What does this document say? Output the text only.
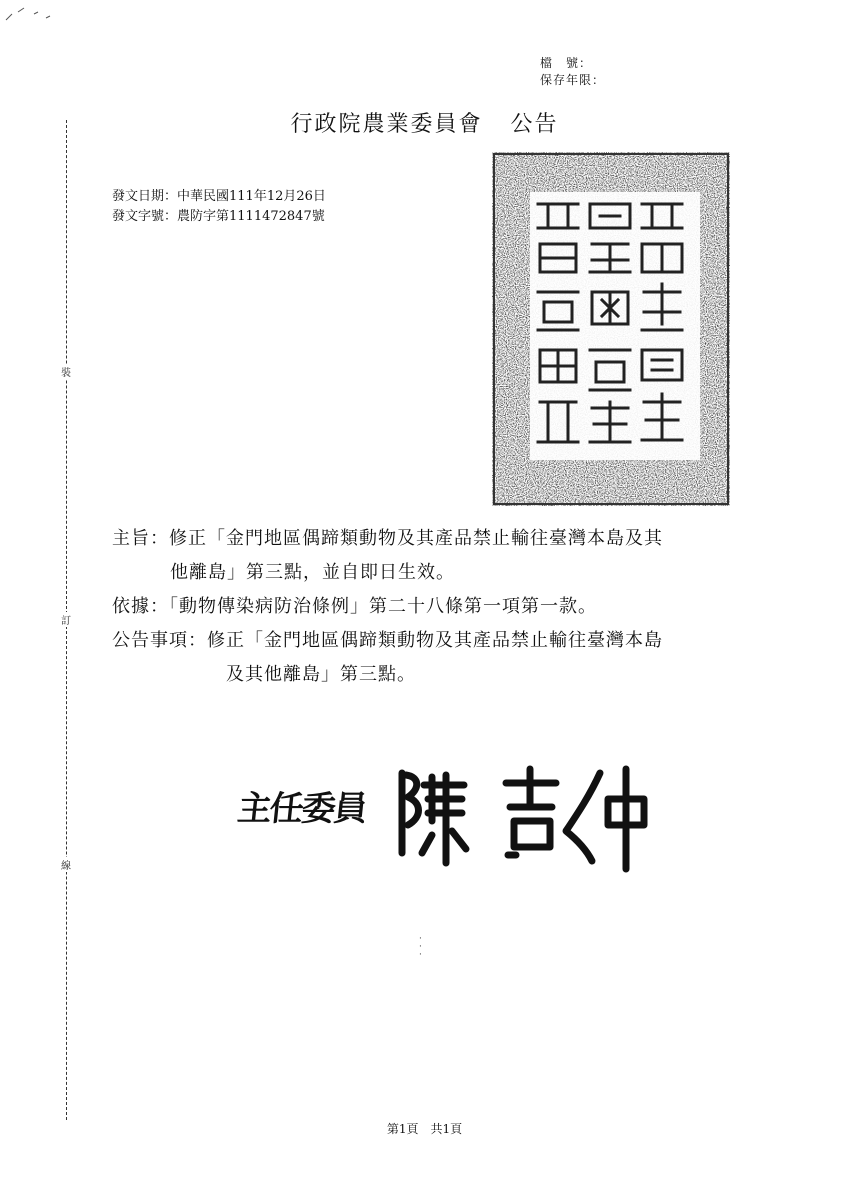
檔　號：
保存年限：
裝
訂
線
行政院農業委員會 公告
發文日期：中華民國111年12月26日
發文字號：農防字第1111472847號
主旨：修正「金門地區偶蹄類動物及其產品禁止輸往臺灣本島及其
他離島」第三點，並自即日生效。
依據：「動物傳染病防治條例」第二十八條第一項第一款。
公告事項：修正「金門地區偶蹄類動物及其產品禁止輸往臺灣本島
及其他離島」第三點。
主任委員
·
·
·
第1頁　共1頁
